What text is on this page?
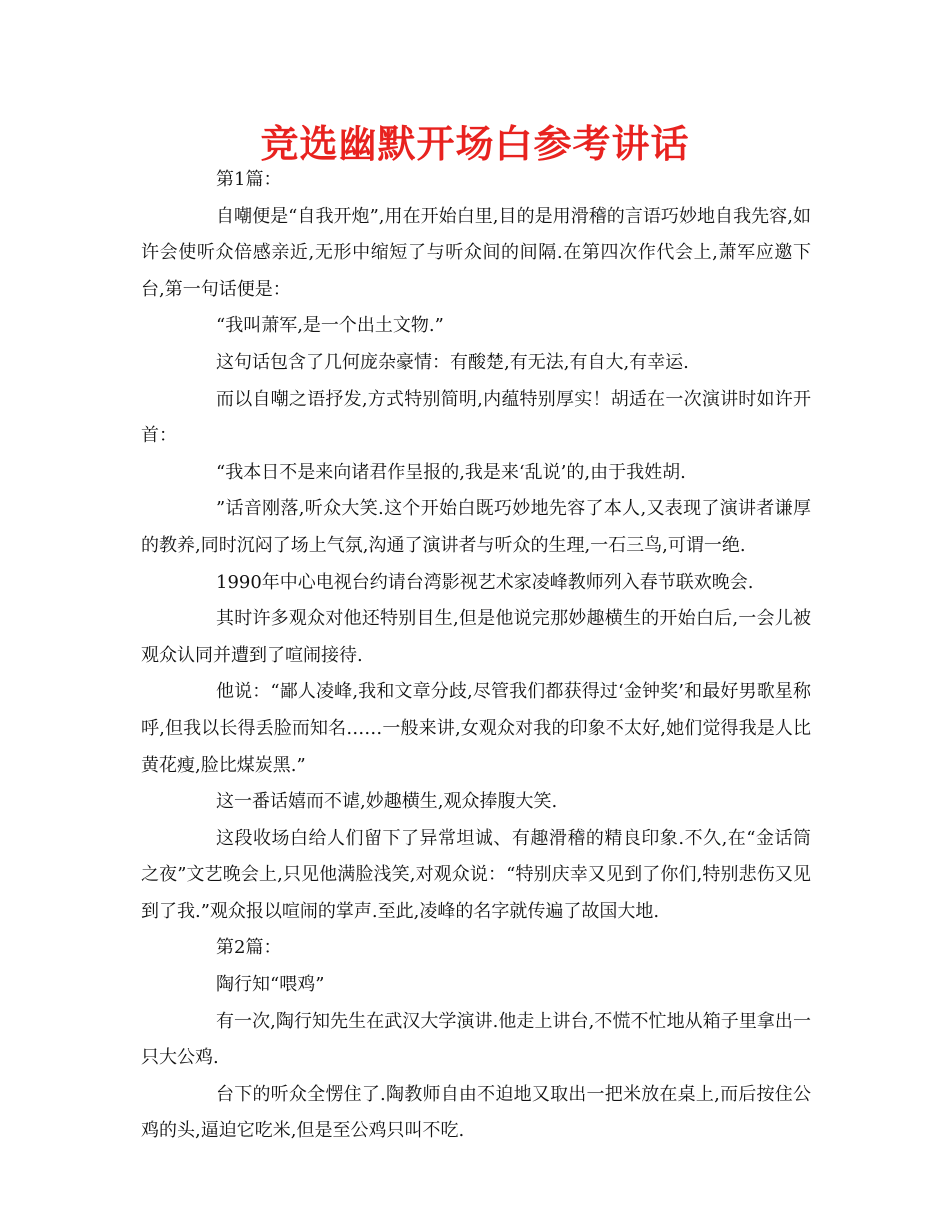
竞选幽默开场白参考讲话

第1篇：

自嘲便是“自我开炮”,用在开始白里,目的是用滑稽的言语巧妙地自我先容,如许会使听众倍感亲近,无形中缩短了与听众间的间隔.在第四次作代会上,萧军应邀下台,第一句话便是：

“我叫萧军,是一个出土文物.”

这句话包含了几何庞杂豪情：有酸楚,有无法,有自大,有幸运.

而以自嘲之语抒发,方式特别简明,内蕴特别厚实！胡适在一次演讲时如许开首：

“我本日不是来向诸君作呈报的,我是来‘乱说’的,由于我姓胡.

”话音刚落,听众大笑.这个开始白既巧妙地先容了本人,又表现了演讲者谦厚的教养,同时沉闷了场上气氛,沟通了演讲者与听众的生理,一石三鸟,可谓一绝.

1990年中心电视台约请台湾影视艺术家凌峰教师列入春节联欢晚会.

其时许多观众对他还特别目生,但是他说完那妙趣横生的开始白后,一会儿被观众认同并遭到了喧闹接待.

他说：“鄙人凌峰,我和文章分歧,尽管我们都获得过‘金钟奖’和最好男歌星称呼,但我以长得丢脸而知名……一般来讲,女观众对我的印象不太好,她们觉得我是人比黄花瘦,脸比煤炭黑.”

这一番话嬉而不谑,妙趣横生,观众捧腹大笑.

这段收场白给人们留下了异常坦诚、有趣滑稽的精良印象.不久,在“金话筒之夜”文艺晚会上,只见他满脸浅笑,对观众说：“特别庆幸又见到了你们,特别悲伤又见到了我.”观众报以喧闹的掌声.至此,凌峰的名字就传遍了故国大地.

第2篇：

陶行知“喂鸡”

有一次,陶行知先生在武汉大学演讲.他走上讲台,不慌不忙地从箱子里拿出一只大公鸡.

台下的听众全愣住了.陶教师自由不迫地又取出一把米放在桌上,而后按住公鸡的头,逼迫它吃米,但是至公鸡只叫不吃.
